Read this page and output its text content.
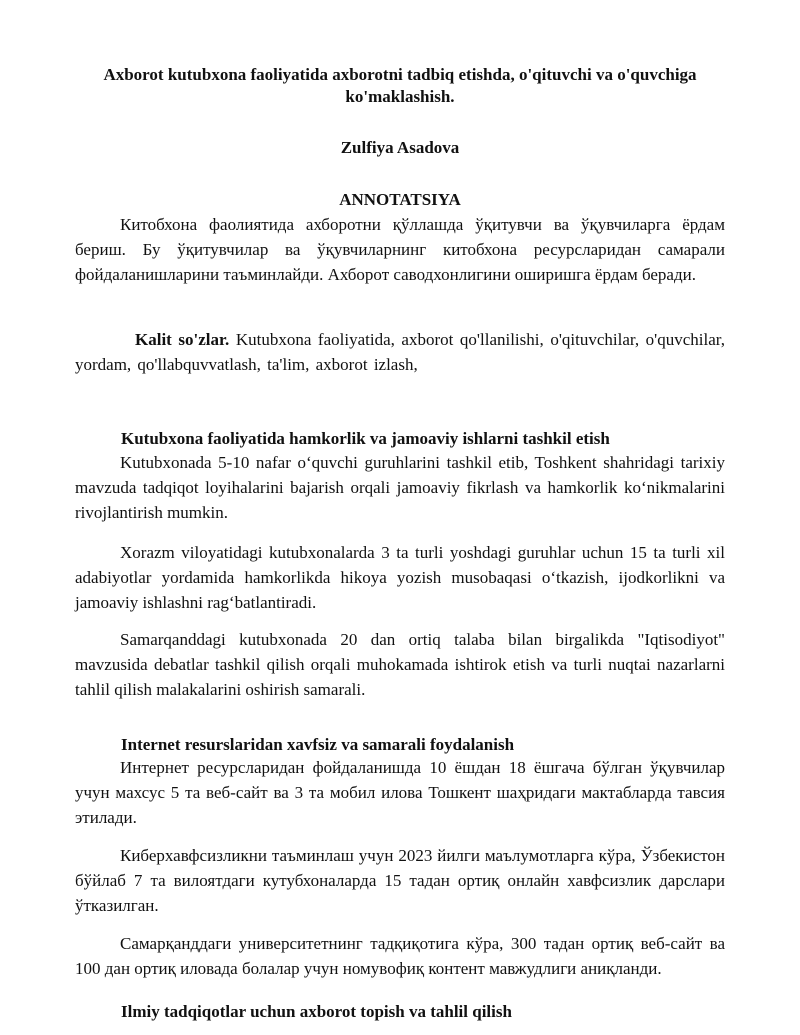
Axborot kutubxona faoliyatida axborotni tadbiq etishda, o'qituvchi va o'quvchiga ko'maklashish.
Zulfiya Asadova
ANNOTATSIYA

Китобхона фаолиятида ахборотни қўллашда ўқитувчи ва ўқувчиларга ёрдам бериш. Бу ўқитувчилар ва ўқувчиларнинг китобхона ресурсларидан самарали фойдаланишларини таъминлайди. Ахборот саводхонлигини оширишга ёрдам беради.

Kalit so'zlar. Kutubxona faoliyatida, axborot qo'llanilishi, o'qituvchilar, o'quvchilar, yordam, qo'llabquvvatlash, ta'lim, axborot izlash,

Kutubxona faoliyatida hamkorlik va jamoaviy ishlarni tashkil etish

Kutubxonada 5-10 nafar o‘quvchi guruhlarini tashkil etib, Toshkent shahridagi tarixiy mavzuda tadqiqot loyihalarini bajarish orqali jamoaviy fikrlash va hamkorlik ko‘nikmalarini rivojlantirish mumkin.

Xorazm viloyatidagi kutubxonalarda 3 ta turli yoshdagi guruhlar uchun 15 ta turli xil adabiyotlar yordamida hamkorlikda hikoya yozish musobaqasi o‘tkazish, ijodkorlikni va jamoaviy ishlashni rag‘batlantiradi.

Samarqanddagi kutubxonada 20 dan ortiq talaba bilan birgalikda "Iqtisodiyot" mavzusida debatlar tashkil qilish orqali muhokamada ishtirok etish va turli nuqtai nazarlarni tahlil qilish malakalarini oshirish samarali.

Internet resurslaridan xavfsiz va samarali foydalanish

Интернет ресурсларидан фойдаланишда 10 ёшдан 18 ёшгача бўлган ўқувчилар учун махсус 5 та веб-сайт ва 3 та мобил илова Тошкент шаҳридаги мактабларда тавсия этилади.

Киберхавфсизликни таъминлаш учун 2023 йилги маълумотларга кўра, Ўзбекистон бўйлаб 7 та вилоятдаги кутубхоналарда 15 тадан ортиқ онлайн хавфсизлик дарслари ўтказилган.

Самарқанддаги университетнинг тадқиқотига кўра, 300 тадан ортиқ веб-сайт ва 100 дан ортиқ иловада болалар учун номувофиқ контент мавжудлиги аниқланди.

Ilmiy tadqiqotlar uchun axborot topish va tahlil qilish
